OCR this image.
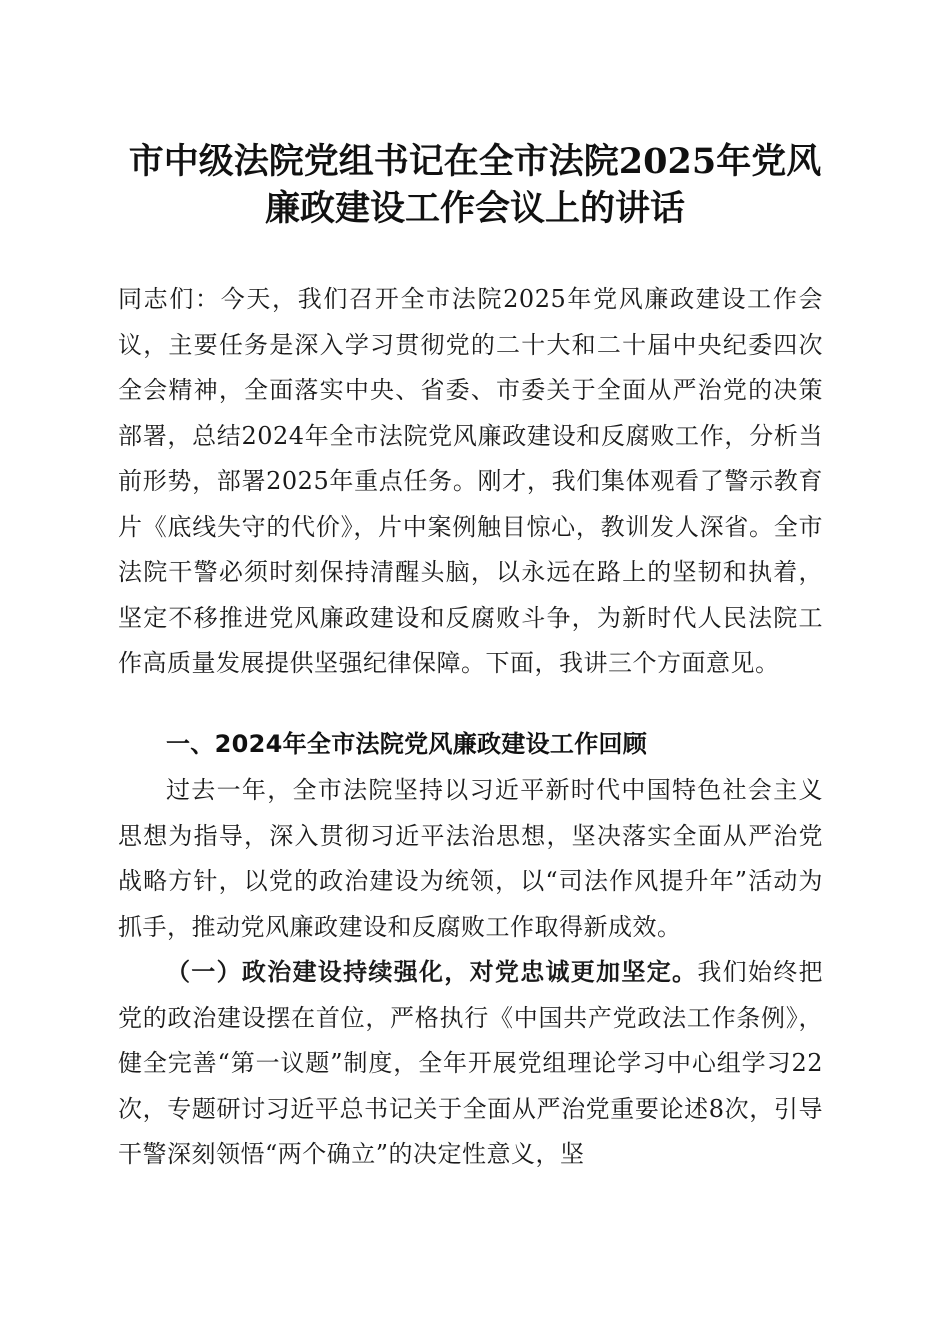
市中级法院党组书记在全市法院2025年党风廉政建设工作会议上的讲话

同志们：今天，我们召开全市法院2025年党风廉政建设工作会议，主要任务是深入学习贯彻党的二十大和二十届中央纪委四次全会精神，全面落实中央、省委、市委关于全面从严治党的决策部署，总结2024年全市法院党风廉政建设和反腐败工作，分析当前形势，部署2025年重点任务。刚才，我们集体观看了警示教育片《底线失守的代价》，片中案例触目惊心，教训发人深省。全市法院干警必须时刻保持清醒头脑，以永远在路上的坚韧和执着，坚定不移推进党风廉政建设和反腐败斗争，为新时代人民法院工作高质量发展提供坚强纪律保障。下面，我讲三个方面意见。

一、2024年全市法院党风廉政建设工作回顾

过去一年，全市法院坚持以习近平新时代中国特色社会主义思想为指导，深入贯彻习近平法治思想，坚决落实全面从严治党战略方针，以党的政治建设为统领，以“司法作风提升年”活动为抓手，推动党风廉政建设和反腐败工作取得新成效。

（一）政治建设持续强化，对党忠诚更加坚定。我们始终把党的政治建设摆在首位，严格执行《中国共产党政法工作条例》，健全完善“第一议题”制度，全年开展党组理论学习中心组学习22次，专题研讨习近平总书记关于全面从严治党重要论述8次，引导干警深刻领悟“两个确立”的决定性意义，坚
